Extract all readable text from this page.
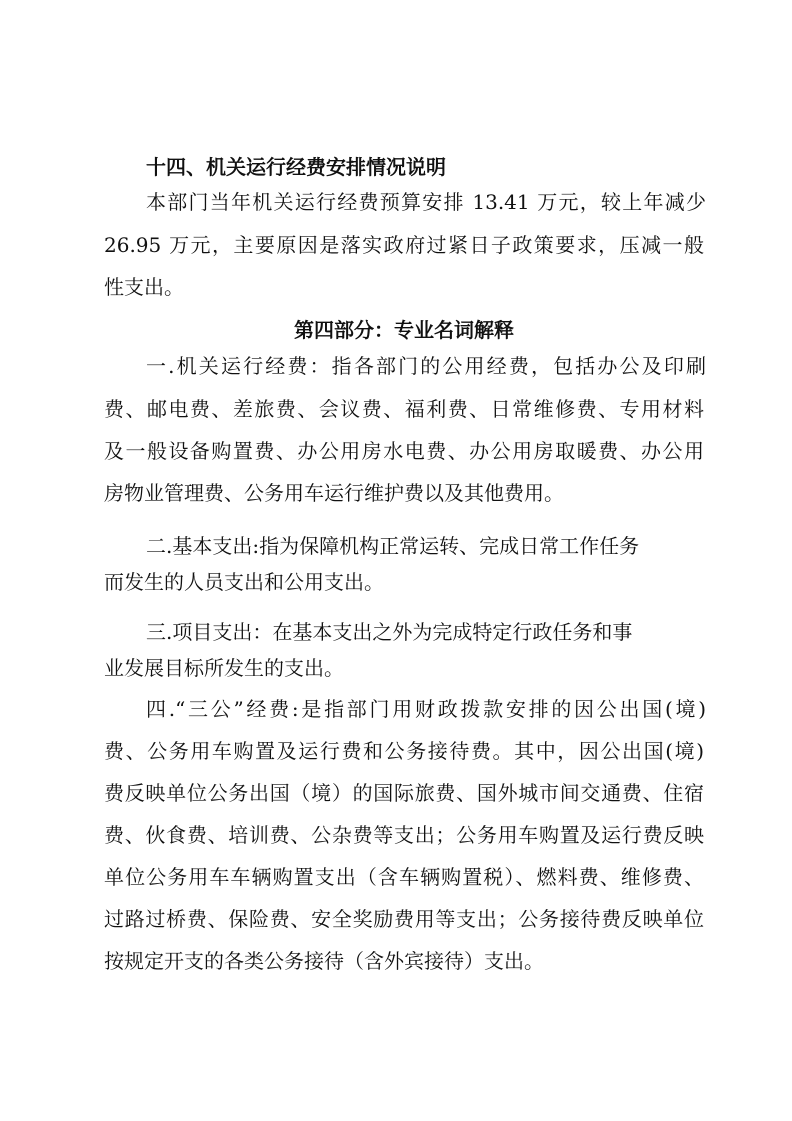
十四、机关运行经费安排情况说明
本部门当年机关运行经费预算安排 13.41 万元，较上年减少
26.95 万元，主要原因是落实政府过紧日子政策要求，压减一般
性支出。
第四部分：专业名词解释
一.机关运行经费：指各部门的公用经费，包括办公及印刷
费、邮电费、差旅费、会议费、福利费、日常维修费、专用材料
及一般设备购置费、办公用房水电费、办公用房取暖费、办公用
房物业管理费、公务用车运行维护费以及其他费用。
二.基本支出:指为保障机构正常运转、完成日常工作任务
而发生的人员支出和公用支出。
三.项目支出：在基本支出之外为完成特定行政任务和事
业发展目标所发生的支出。
四.“三公”经费:是指部门用财政拨款安排的因公出国(境)
费、公务用车购置及运行费和公务接待费。其中，因公出国(境)
费反映单位公务出国（境）的国际旅费、国外城市间交通费、住宿
费、伙食费、培训费、公杂费等支出；公务用车购置及运行费反映
单位公务用车车辆购置支出（含车辆购置税）、燃料费、维修费、
过路过桥费、保险费、安全奖励费用等支出；公务接待费反映单位
按规定开支的各类公务接待（含外宾接待）支出。
